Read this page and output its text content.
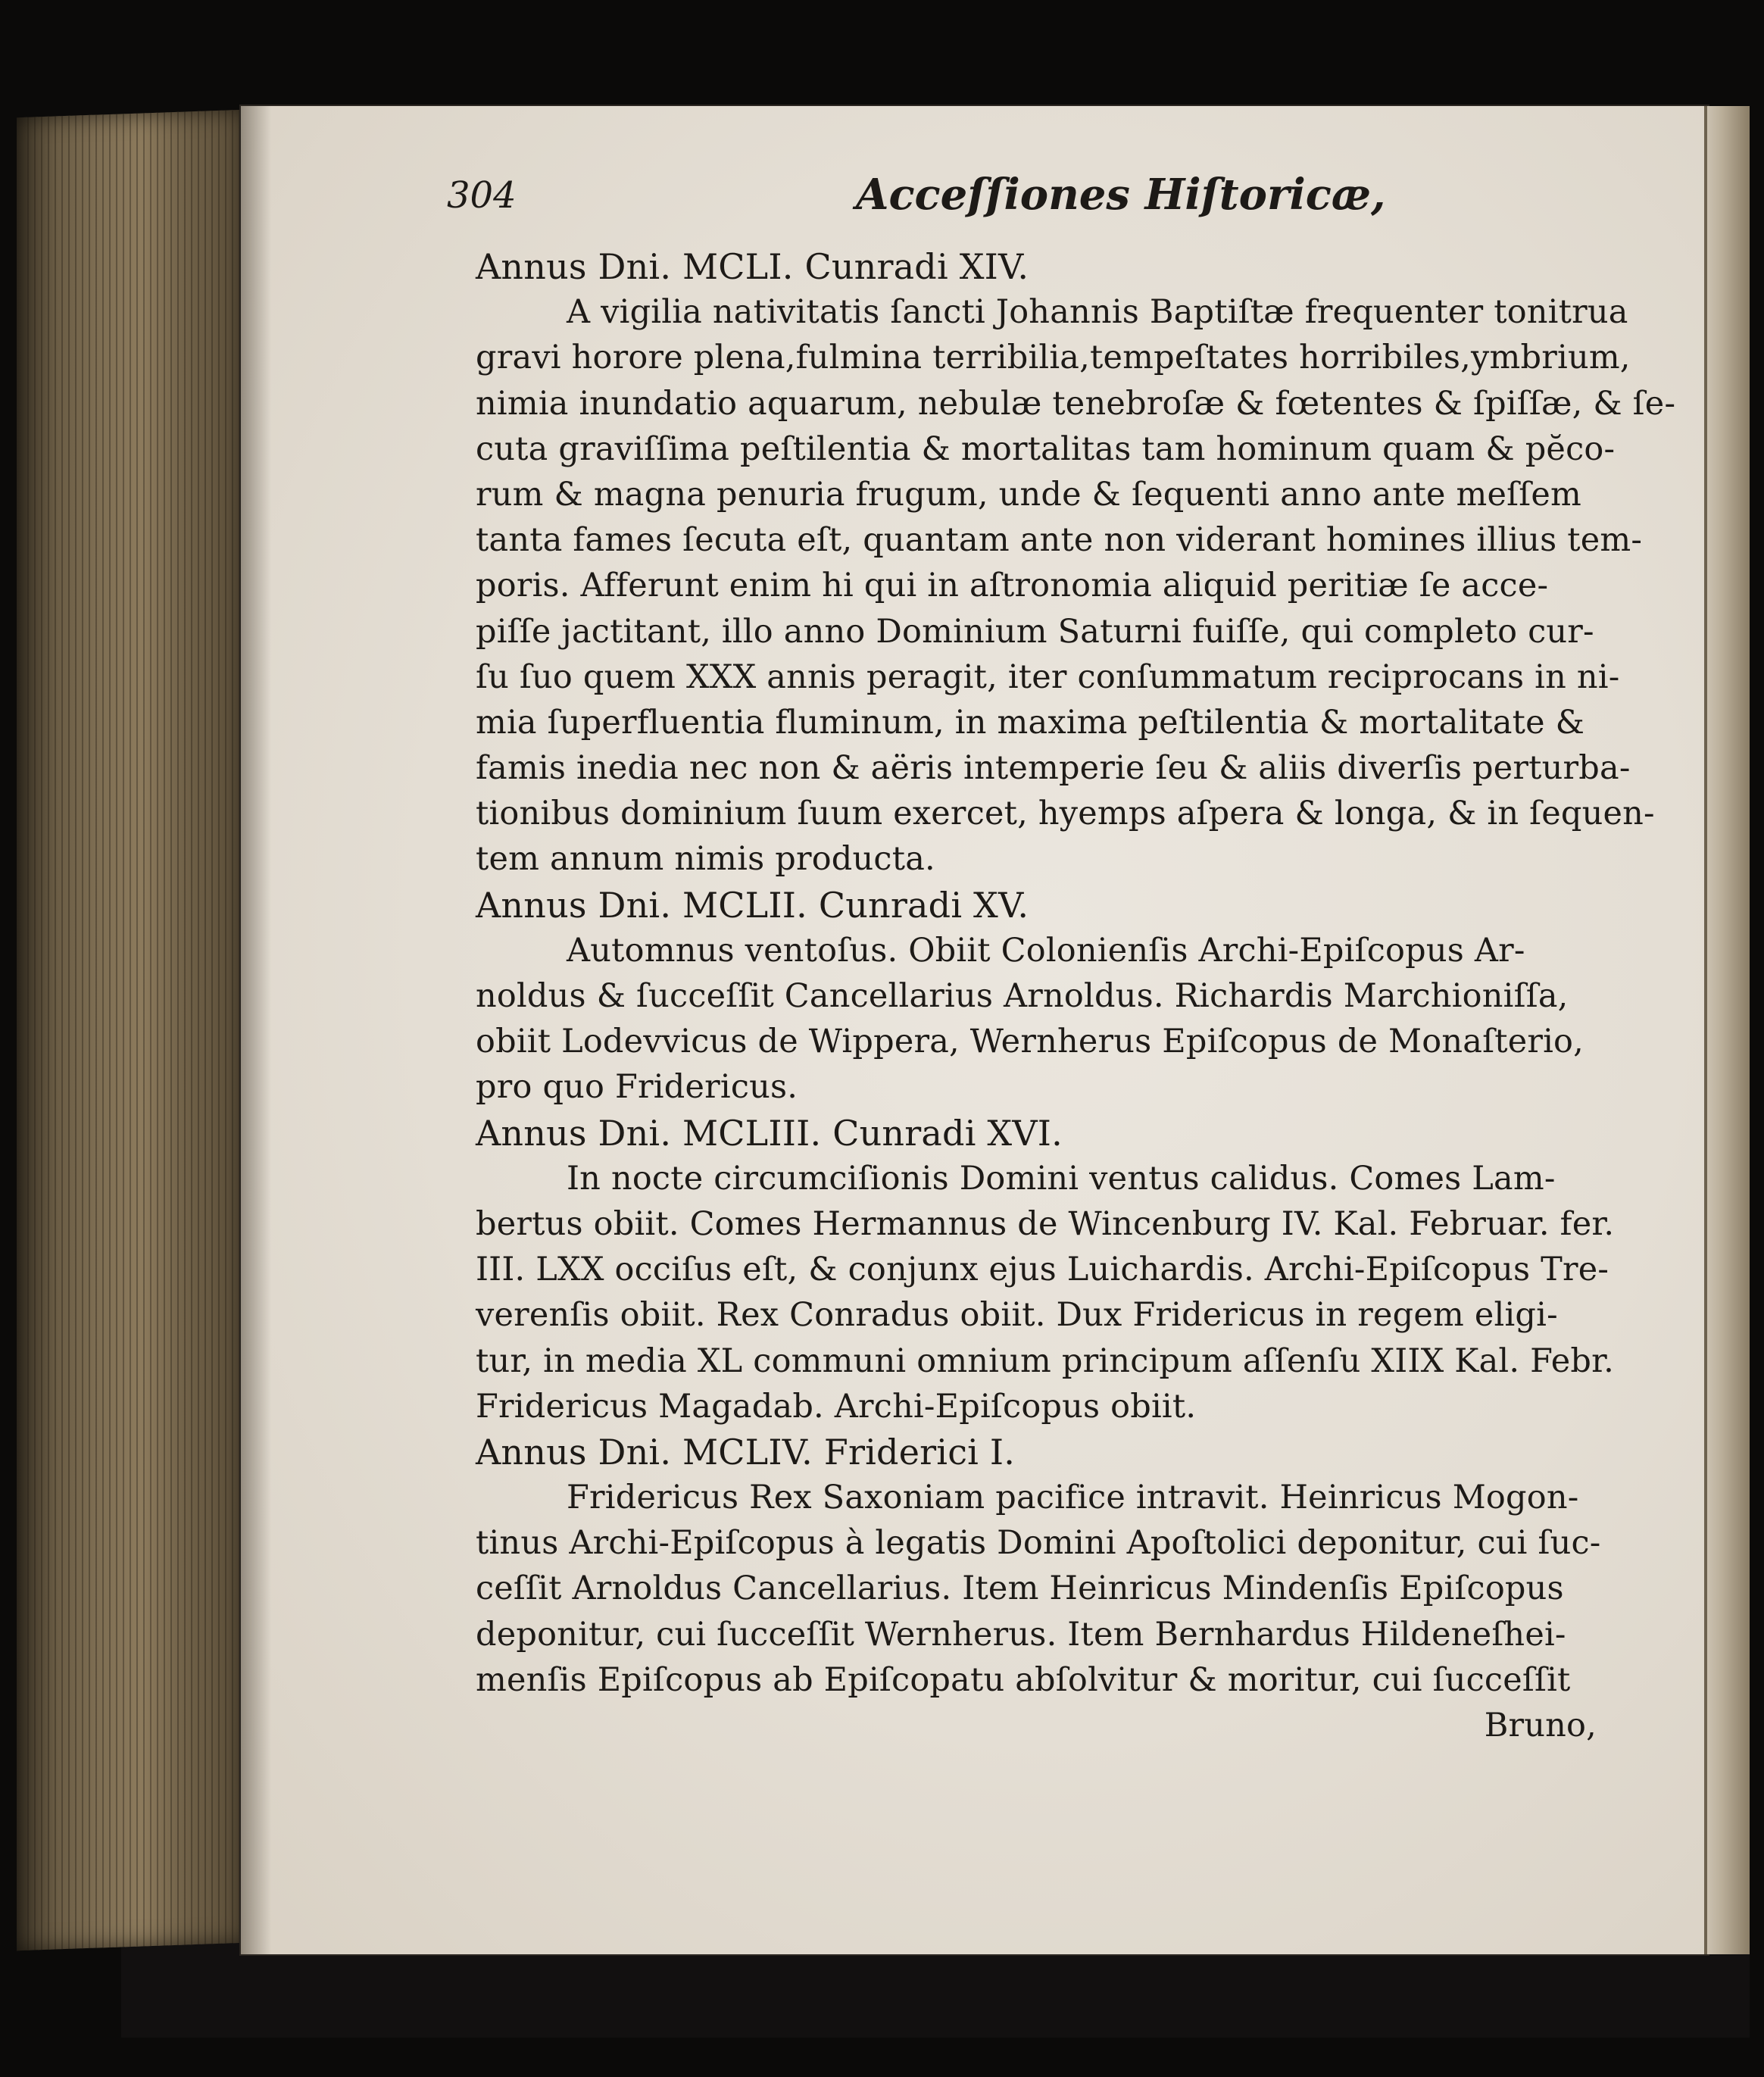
304	Acceſſiones Hiſtoricæ,
Annus Dni. MCLI. Cunradi XIV.
A vigilia nativitatis ſancti Johannis Baptiſtæ frequenter tonitrua
gravi horore plena,fulmina terribilia,tempeſtates horribiles,ymbrium,
nimia inundatio aquarum, nebulæ tenebroſæ & fœtentes & ſpiſſæ, & ſe-
cuta graviſſima peſtilentia & mortalitas tam hominum quam & pĕco-
rum & magna penuria frugum, unde & ſequenti anno ante meſſem
tanta fames ſecuta eſt, quantam ante non viderant homines illius tem-
poris. Afferunt enim hi qui in aſtronomia aliquid peritiæ ſe acce-
piſſe jactitant, illo anno Dominium Saturni fuiſſe, qui completo cur-
ſu ſuo quem XXX annis peragit, iter conſummatum reciprocans in ni-
mia ſuperfluentia fluminum, in maxima peſtilentia & mortalitate &
famis inedia nec non & aëris intemperie ſeu & aliis diverſis perturba-
tionibus dominium ſuum exercet, hyemps aſpera & longa, & in ſequen-
tem annum nimis producta.
Annus Dni. MCLII. Cunradi XV.
Automnus ventoſus. Obiit Colonienſis Archi-Epiſcopus Ar-
noldus & ſucceſſit Cancellarius Arnoldus. Richardis Marchioniſſa,
obiit Lodevvicus de Wippera, Wernherus Epiſcopus de Monaſterio,
pro quo Fridericus.
Annus Dni. MCLIII. Cunradi XVI.
In nocte circumciſionis Domini ventus calidus. Comes Lam-
bertus obiit. Comes Hermannus de Wincenburg IV. Kal. Februar. fer.
III. LXX occiſus eſt, & conjunx ejus Luichardis. Archi-Epiſcopus Tre-
verenſis obiit. Rex Conradus obiit. Dux Fridericus in regem eligi-
tur, in media XL communi omnium principum aſſenſu XIIX Kal. Febr.
Fridericus Magadab. Archi-Epiſcopus obiit.
Annus Dni. MCLIV. Friderici I.
Fridericus Rex Saxoniam pacifice intravit. Heinricus Mogon-
tinus Archi-Epiſcopus à legatis Domini Apoſtolici deponitur, cui ſuc-
ceſſit Arnoldus Cancellarius. Item Heinricus Mindenſis Epiſcopus
deponitur, cui ſucceſſit Wernherus. Item Bernhardus Hildeneſhei-
menſis Epiſcopus ab Epiſcopatu abſolvitur & moritur, cui ſucceſſit
Bruno,
